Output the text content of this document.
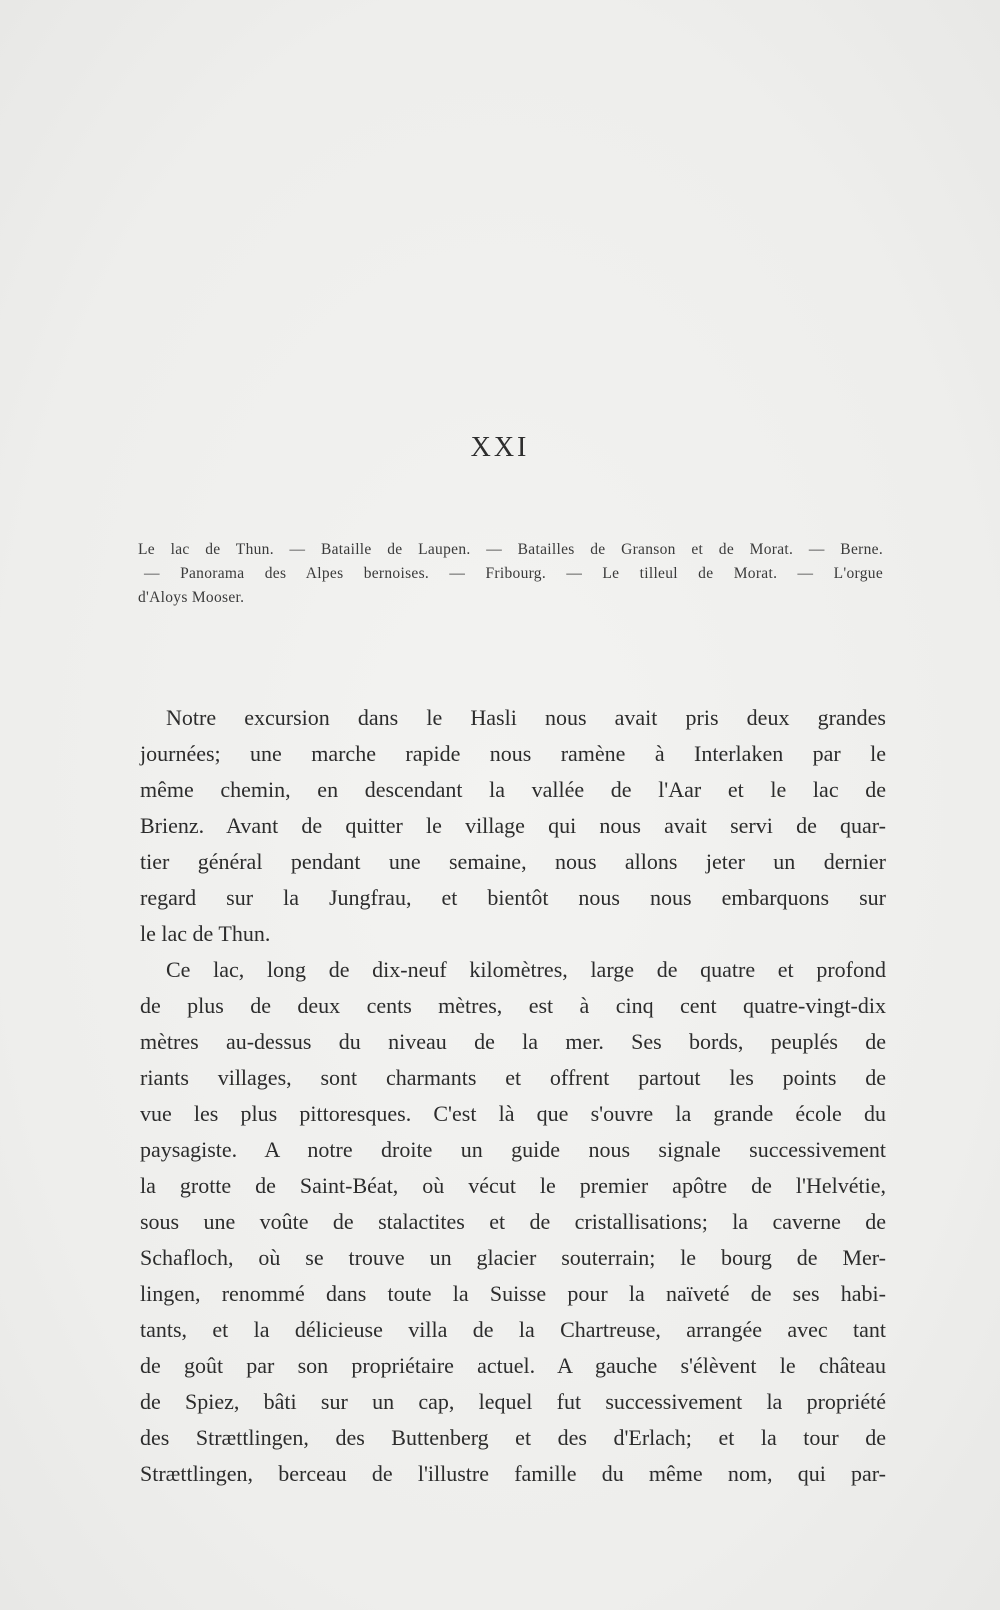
XXI
Le lac de Thun. — Bataille de Laupen. — Batailles de Granson et de Morat. — Berne.
— Panorama des Alpes bernoises. — Fribourg. — Le tilleul de Morat. — L'orgue
d'Aloys Mooser.
Notre excursion dans le Hasli nous avait pris deux grandes
journées; une marche rapide nous ramène à Interlaken par le
même chemin, en descendant la vallée de l'Aar et le lac de
Brienz. Avant de quitter le village qui nous avait servi de quar-
tier général pendant une semaine, nous allons jeter un dernier
regard sur la Jungfrau, et bientôt nous nous embarquons sur
le lac de Thun.
Ce lac, long de dix-neuf kilomètres, large de quatre et profond
de plus de deux cents mètres, est à cinq cent quatre-vingt-dix
mètres au-dessus du niveau de la mer. Ses bords, peuplés de
riants villages, sont charmants et offrent partout les points de
vue les plus pittoresques. C'est là que s'ouvre la grande école du
paysagiste. A notre droite un guide nous signale successivement
la grotte de Saint-Béat, où vécut le premier apôtre de l'Helvétie,
sous une voûte de stalactites et de cristallisations; la caverne de
Schafloch, où se trouve un glacier souterrain; le bourg de Mer-
lingen, renommé dans toute la Suisse pour la naïveté de ses habi-
tants, et la délicieuse villa de la Chartreuse, arrangée avec tant
de goût par son propriétaire actuel. A gauche s'élèvent le château
de Spiez, bâti sur un cap, lequel fut successivement la propriété
des Strættlingen, des Buttenberg et des d'Erlach; et la tour de
Strættlingen, berceau de l'illustre famille du même nom, qui par-
